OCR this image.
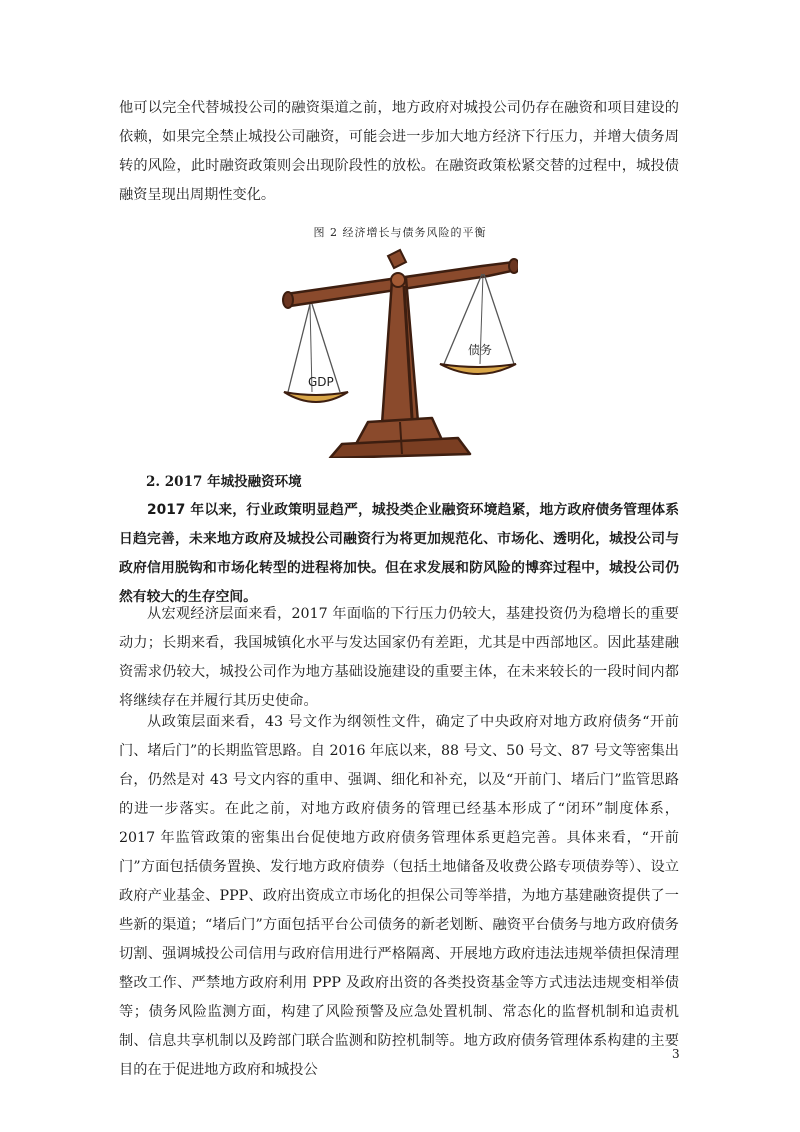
他可以完全代替城投公司的融资渠道之前，地方政府对城投公司仍存在融资和项目建设的依赖，如果完全禁止城投公司融资，可能会进一步加大地方经济下行压力，并增大债务周转的风险，此时融资政策则会出现阶段性的放松。在融资政策松紧交替的过程中，城投债融资呈现出周期性变化。

图 2 经济增长与债务风险的平衡
GDP
债务
2. 2017 年城投融资环境

2017 年以来，行业政策明显趋严，城投类企业融资环境趋紧，地方政府债务管理体系日趋完善，未来地方政府及城投公司融资行为将更加规范化、市场化、透明化，城投公司与政府信用脱钩和市场化转型的进程将加快。但在求发展和防风险的博弈过程中，城投公司仍然有较大的生存空间。

从宏观经济层面来看，2017 年面临的下行压力仍较大，基建投资仍为稳增长的重要动力；长期来看，我国城镇化水平与发达国家仍有差距，尤其是中西部地区。因此基建融资需求仍较大，城投公司作为地方基础设施建设的重要主体，在未来较长的一段时间内都将继续存在并履行其历史使命。

从政策层面来看，43 号文作为纲领性文件，确定了中央政府对地方政府债务“开前门、堵后门”的长期监管思路。自 2016 年底以来，88 号文、50 号文、87 号文等密集出台，仍然是对 43 号文内容的重申、强调、细化和补充，以及“开前门、堵后门”监管思路的进一步落实。在此之前，对地方政府债务的管理已经基本形成了“闭环”制度体系，2017 年监管政策的密集出台促使地方政府债务管理体系更趋完善。具体来看，“开前门”方面包括债务置换、发行地方政府债券（包括土地储备及收费公路专项债券等）、设立政府产业基金、PPP、政府出资成立市场化的担保公司等举措，为地方基建融资提供了一些新的渠道；“堵后门”方面包括平台公司债务的新老划断、融资平台债务与地方政府债务切割、强调城投公司信用与政府信用进行严格隔离、开展地方政府违法违规举债担保清理整改工作、严禁地方政府利用 PPP 及政府出资的各类投资基金等方式违法违规变相举债等；债务风险监测方面，构建了风险预警及应急处置机制、常态化的监督机制和追责机制、信息共享机制以及跨部门联合监测和防控机制等。地方政府债务管理体系构建的主要目的在于促进地方政府和城投公

3
